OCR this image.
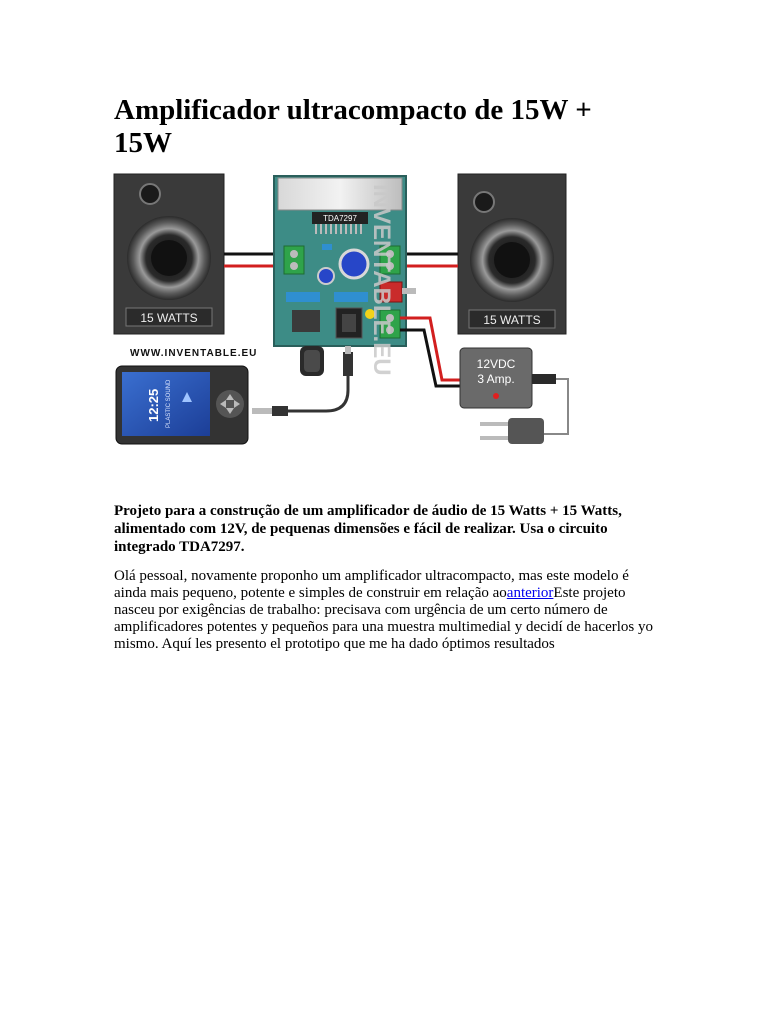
Amplificador ultracompacto de 15W + 15W
15 WATTS	15 WATTS
TDA7297
12VDC
3 Amp.
WWW.INVENTABLE.EU	INVENTABLE.EU
12:25 PLASTIC SOUND

Projeto para a construção de um amplificador de áudio de 15 Watts + 15 Watts, alimentado com 12V, de pequenas dimensões e fácil de realizar. Usa o circuito integrado TDA7297.

Olá pessoal, novamente proponho um amplificador ultracompacto, mas este modelo é ainda mais pequeno, potente e simples de construir em relação aoanteriorEste projeto nasceu por exigências de trabalho: precisava com urgência de um certo número de amplificadores potentes y pequeños para una muestra multimedial y decidí de hacerlos yo mismo. Aquí les presento el prototipo que me ha dado óptimos resultados
